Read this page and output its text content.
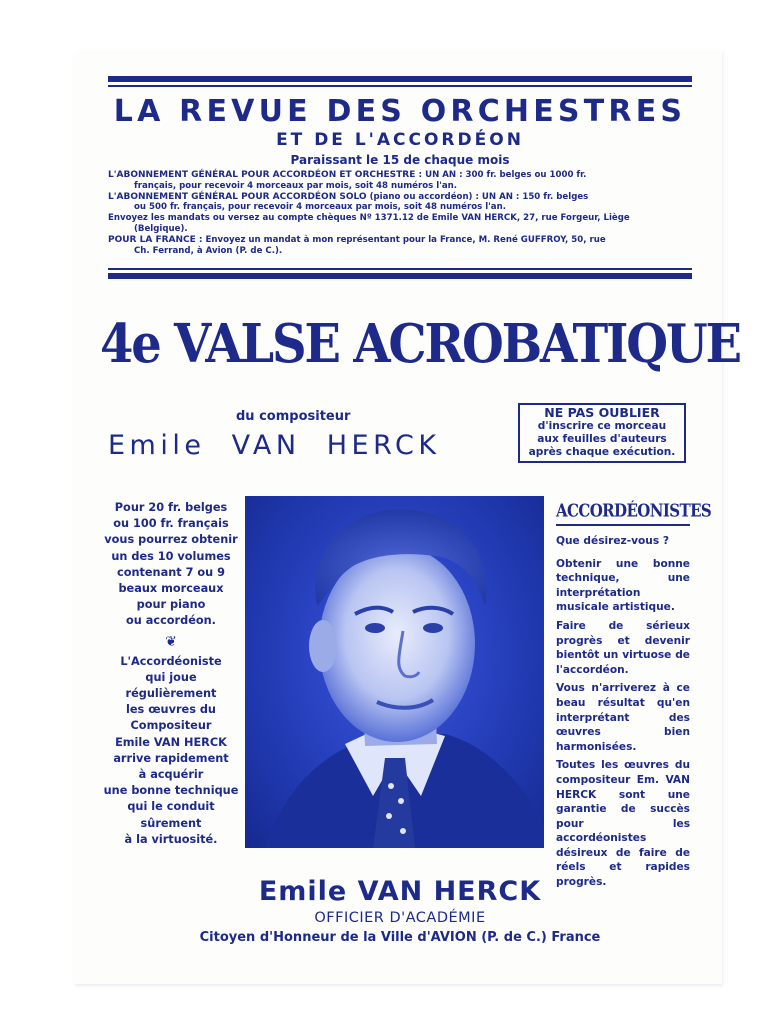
LA REVUE DES ORCHESTRES
ET DE L'ACCORDÉON
Paraissant le 15 de chaque mois

L'ABONNEMENT GÉNÉRAL POUR ACCORDÉON ET ORCHESTRE : UN AN : 300 fr. belges ou 1000 fr.
français, pour recevoir 4 morceaux par mois, soit 48 numéros l'an.

L'ABONNEMENT GÉNÉRAL POUR ACCORDÉON SOLO (piano ou accordéon) : UN AN : 150 fr. belges
ou 500 fr. français, pour recevoir 4 morceaux par mois, soit 48 numéros l'an.

Envoyez les mandats ou versez au compte chèques Nº 1371.12 de Emile VAN HERCK, 27, rue Forgeur, Liège
(Belgique).

POUR LA FRANCE : Envoyez un mandat à mon représentant pour la France, M. René GUFFROY, 50, rue
Ch. Ferrand, à Avion (P. de C.).

4e VALSE ACROBATIQUE
du compositeur
Emile  VAN  HERCK
NE PAS OUBLIER
d'inscrire ce morceau
aux feuilles d'auteurs
après chaque exécution.

Pour 20 fr. belges

ou 100 fr. français

vous pourrez obtenir

un des 10 volumes

contenant 7 ou 9

beaux morceaux

pour piano

ou accordéon.

❦

L'Accordéoniste

qui joue

régulièrement

les œuvres du

Compositeur

Emile VAN HERCK

arrive rapidement

à acquérir

une bonne technique

qui le conduit

sûrement

à la virtuosité.

ACCORDÉONISTES

Que désirez-vous ?

Obtenir une bonne technique, une interprétation musicale artistique.

Faire de sérieux progrès et devenir bientôt un virtuose de l'accordéon.

Vous n'arriverez à ce beau résultat qu'en interprétant des œuvres bien harmonisées.

Toutes les œuvres du compositeur Em. VAN HERCK sont une garantie de succès pour les accordéonistes désireux de faire de réels et rapides progrès.

Emile VAN HERCK
OFFICIER D'ACADÉMIE
Citoyen d'Honneur de la Ville d'AVION (P. de C.) France
